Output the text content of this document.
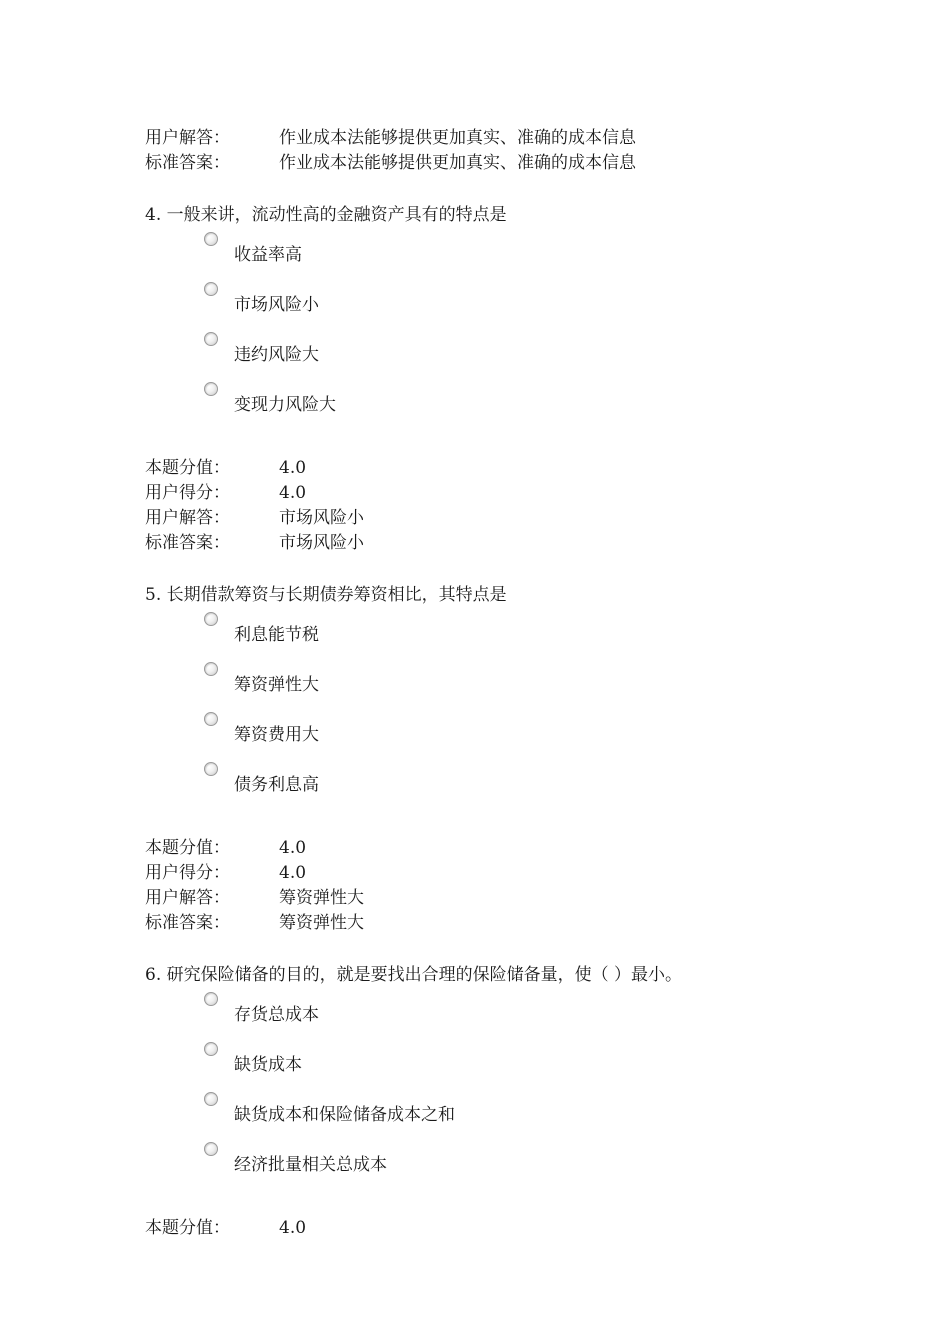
用户解答：	作业成本法能够提供更加真实、准确的成本信息
标准答案：	作业成本法能够提供更加真实、准确的成本信息
4. 一般来讲，流动性高的金融资产具有的特点是
收益率高
市场风险小
违约风险大
变现力风险大
本题分值：	4.0
用户得分：	4.0
用户解答：	市场风险小
标准答案：	市场风险小
5. 长期借款筹资与长期债券筹资相比，其特点是
利息能节税
筹资弹性大
筹资费用大
债务利息高
本题分值：	4.0
用户得分：	4.0
用户解答：	筹资弹性大
标准答案：	筹资弹性大
6. 研究保险储备的目的，就是要找出合理的保险储备量，使（ ）最小。
存货总成本
缺货成本
缺货成本和保险储备成本之和
经济批量相关总成本
本题分值：	4.0
